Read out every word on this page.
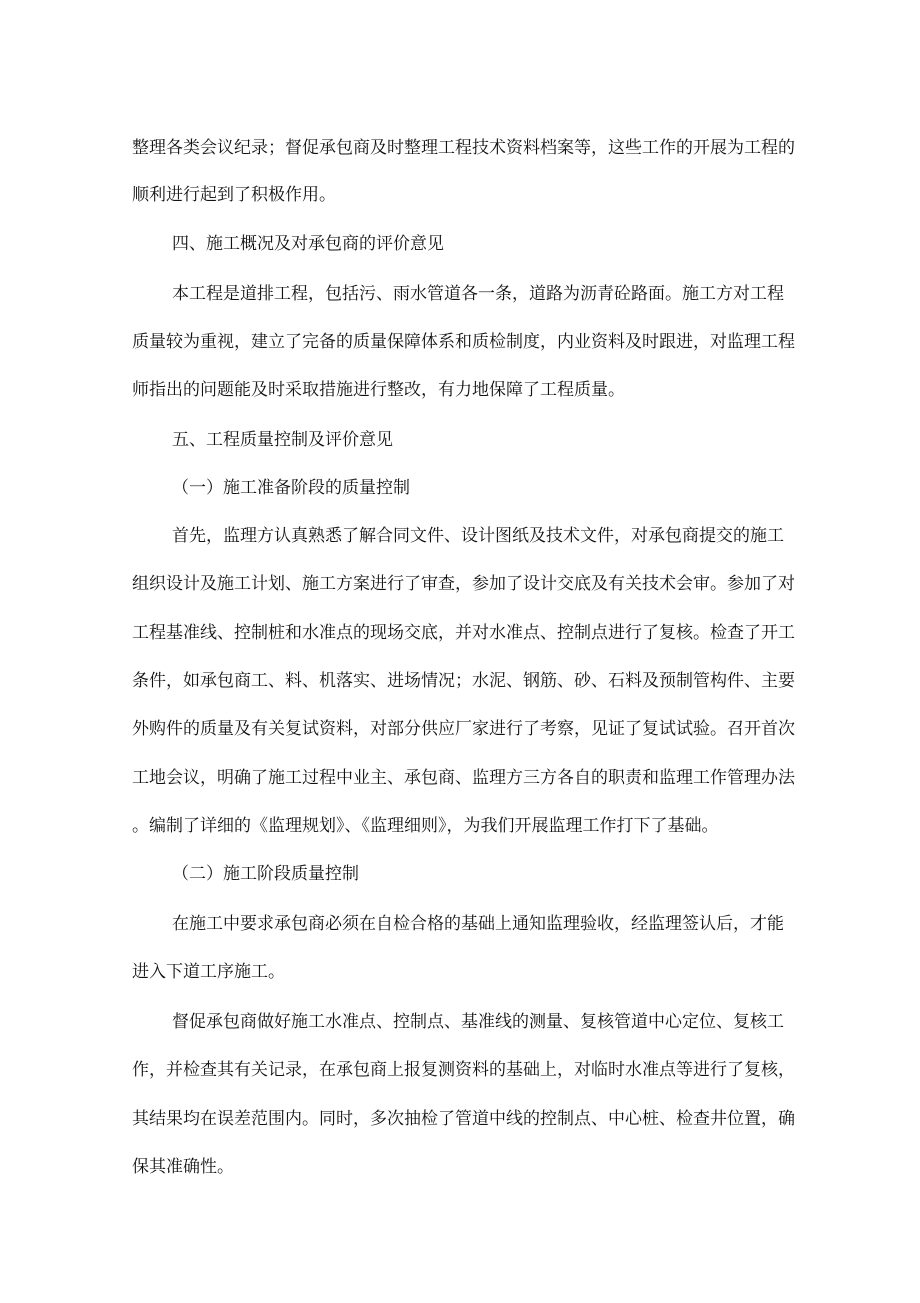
整理各类会议纪录；督促承包商及时整理工程技术资料档案等，这些工作的开展为工程的

顺利进行起到了积极作用。

四、施工概况及对承包商的评价意见

本工程是道排工程，包括污、雨水管道各一条，道路为沥青砼路面。施工方对工程

质量较为重视，建立了完备的质量保障体系和质检制度，内业资料及时跟进，对监理工程

师指出的问题能及时采取措施进行整改，有力地保障了工程质量。

五、工程质量控制及评价意见

（一）施工准备阶段的质量控制

首先，监理方认真熟悉了解合同文件、设计图纸及技术文件，对承包商提交的施工

组织设计及施工计划、施工方案进行了审查，参加了设计交底及有关技术会审。参加了对

工程基准线、控制桩和水准点的现场交底，并对水准点、控制点进行了复核。检查了开工

条件，如承包商工、料、机落实、进场情况；水泥、钢筋、砂、石料及预制管构件、主要

外购件的质量及有关复试资料，对部分供应厂家进行了考察，见证了复试试验。召开首次

工地会议，明确了施工过程中业主、承包商、监理方三方各自的职责和监理工作管理办法

。编制了详细的《监理规划》、《监理细则》，为我们开展监理工作打下了基础。

（二）施工阶段质量控制

在施工中要求承包商必须在自检合格的基础上通知监理验收，经监理签认后，才能

进入下道工序施工。

督促承包商做好施工水准点、控制点、基准线的测量、复核管道中心定位、复核工

作，并检查其有关记录，在承包商上报复测资料的基础上，对临时水准点等进行了复核，

其结果均在误差范围内。同时，多次抽检了管道中线的控制点、中心桩、检查井位置，确

保其准确性。
